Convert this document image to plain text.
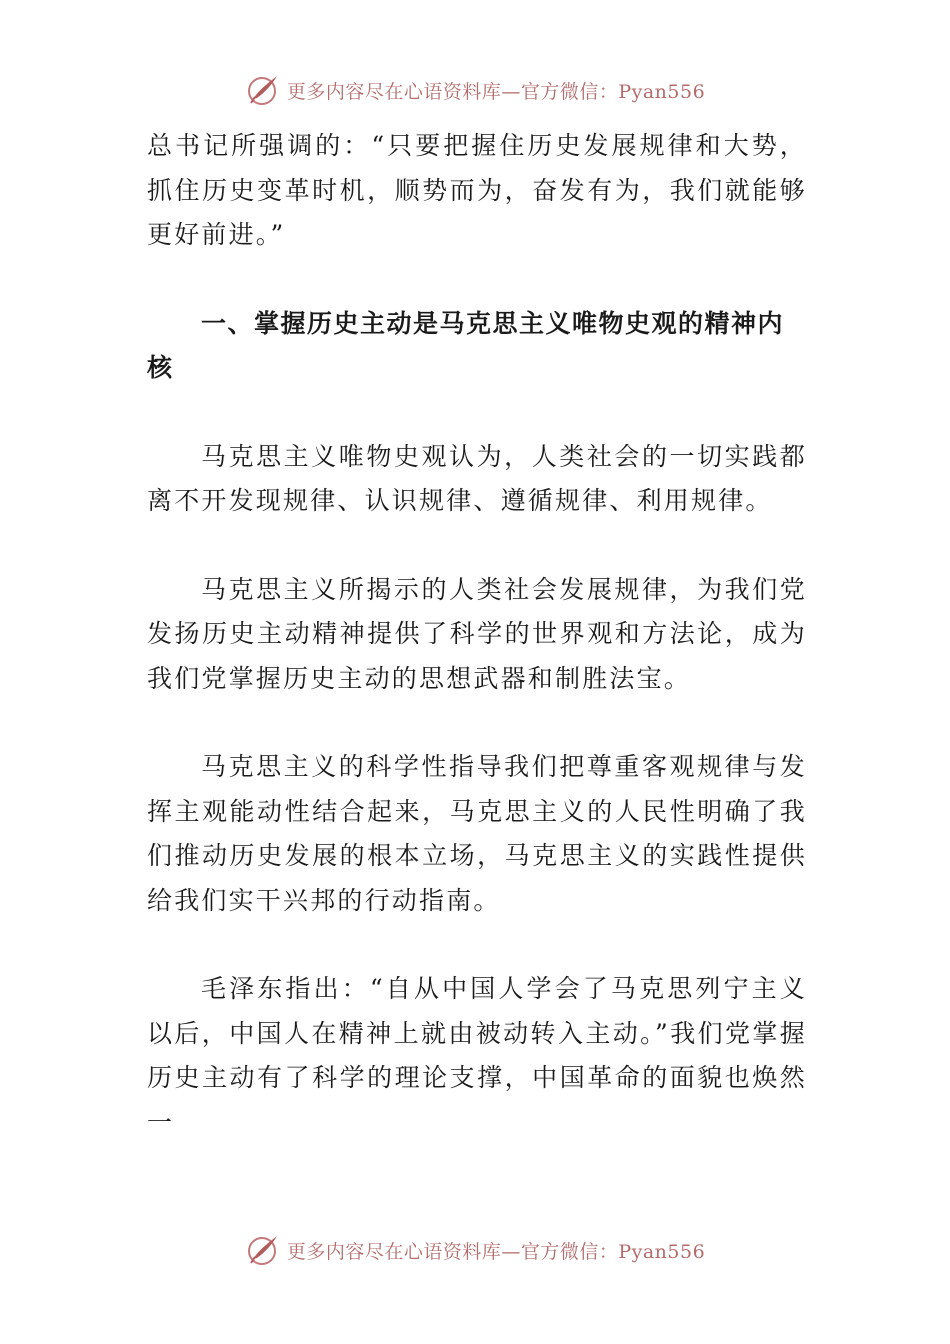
更多内容尽在心语资料库—官方微信：Pyan556

总书记所强调的：“只要把握住历史发展规律和大势，抓住历史变革时机，顺势而为，奋发有为，我们就能够更好前进。”

一、掌握历史主动是马克思主义唯物史观的精神内核

马克思主义唯物史观认为，人类社会的一切实践都离不开发现规律、认识规律、遵循规律、利用规律。

马克思主义所揭示的人类社会发展规律，为我们党发扬历史主动精神提供了科学的世界观和方法论，成为我们党掌握历史主动的思想武器和制胜法宝。

马克思主义的科学性指导我们把尊重客观规律与发挥主观能动性结合起来，马克思主义的人民性明确了我们推动历史发展的根本立场，马克思主义的实践性提供给我们实干兴邦的行动指南。

毛泽东指出：“自从中国人学会了马克思列宁主义以后，中国人在精神上就由被动转入主动。”我们党掌握历史主动有了科学的理论支撑，中国革命的面貌也焕然一

更多内容尽在心语资料库—官方微信：Pyan556
